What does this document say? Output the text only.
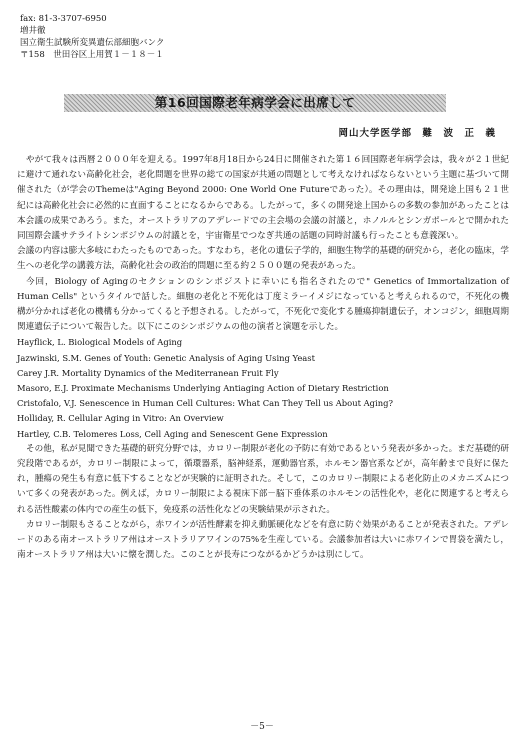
fax: 81-3-3707-6950
増井徹
国立衛生試験所変異遺伝部細胞バンク
〒158　世田谷区上用賀１－１８－１
第16回国際老年病学会に出席して
岡山大学医学部　難　波　正　義

やがて我々は西暦２０００年を迎える。1997年8月18日から24日に開催された第１６回国際老年病学会は，我々が２１世紀に避けて通れない高齢化社会，老化問題を世界の総ての国家が共通の問題として考えなければならないという主題に基づいて開催された（が学会のThemeは"Aging Beyond 2000: One World One Futureであった）。その理由は，開発途上国も２１世紀には高齢化社会に必然的に直面することになるからである。したがって，多くの開発途上国からの多数の参加があったことは本会議の成果であろう。また，オーストラリアのアデレードでの主会場の会議の討議と，ホノルルとシンガポールとで開かれた同国際会議サテライトシンポジウムの討議とを，宇宙衛星でつなぎ共通の話題の同時討議も行ったことも意義深い。

会議の内容は膨大多岐にわたったものであった。すなわち，老化の遺伝子学的，細胞生物学的基礎的研究から，老化の臨床，学生への老化学の講義方法，高齢化社会の政治的問題に至る約２５００題の発表があった。

今回，Biology of Agingのセクションのシンポジストに幸いにも指名されたので" Genetics of Immortalization of Human Cells" というタイルで話した。細胞の老化と不死化は丁度ミラーイメジになっていると考えられるので，不死化の機構が分かれば老化の機構も分かってくると予想される。したがって，不死化で変化する腫瘍抑制遺伝子，オンコジン，細胞周期関連遺伝子について報告した。以下にこのシンポジウムの他の演者と演題を示した。

Hayflick, L. Biological Models of Aging
Jazwinski, S.M. Genes of Youth: Genetic Analysis of Aging Using Yeast
Carey J.R. Mortality Dynamics of the Mediterranean Fruit Fly
Masoro, E.J. Proximate Mechanisms Underlying Antiaging Action of Dietary Restriction
Cristofalo, V.J. Senescence in Human Cell Cultures: What Can They Tell us About Aging?
Holliday, R. Cellular Aging in Vitro: An Overview
Hartley, C.B. Telomeres Loss, Cell Aging and Senescent Gene Expression

その他，私が見聞できた基礎的研究分野では，カロリー制限が老化の予防に有効であるという発表が多かった。まだ基礎的研究段階であるが，カロリー制限によって，循環器系，脳神経系，運動器官系，ホルモン器官系などが，高年齢まで良好に保たれ，腫瘍の発生も有意に低下することなどが実験的に証明された。そして，このカロリー制限による老化防止のメカニズムについて多くの発表があった。例えば，カロリー制限による視床下部－脳下垂体系のホルモンの活性化や，老化に関連すると考えられる活性酸素の体内での産生の低下，免疫系の活性化などの実験結果が示された。

カロリー制限もさることながら，赤ワインが活性酵素を抑え動脈硬化などを有意に防ぐ効果があることが発表された。アデレードのある南オーストラリア州はオーストラリアワインの75%を生産している。会議参加者は大いに赤ワインで胃袋を満たし，南オーストラリア州は大いに懐を潤した。このことが長寿につながるかどうかは別にして。

－5－
